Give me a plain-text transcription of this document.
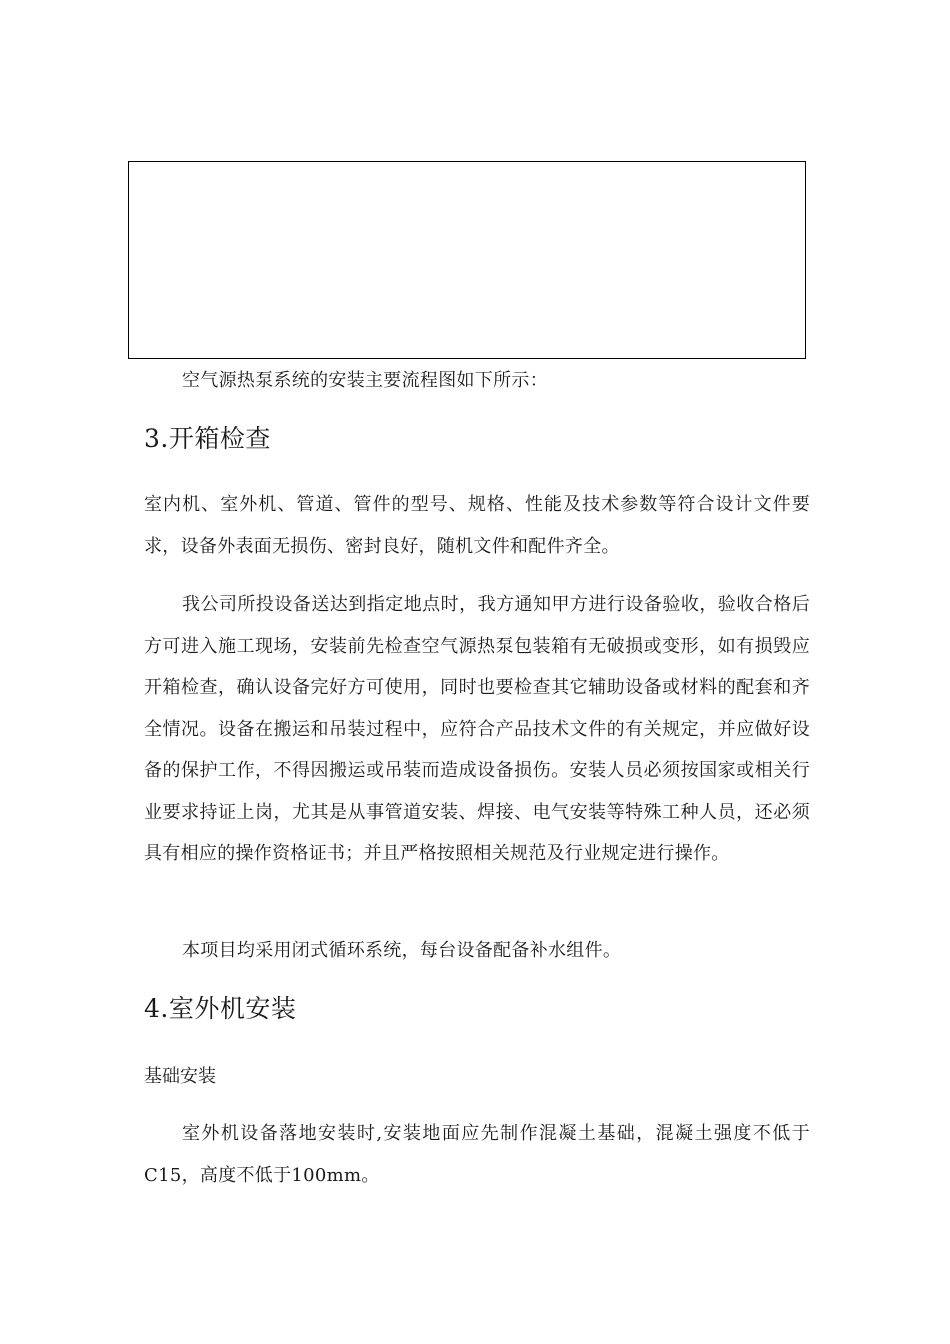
空气源热泵系统的安装主要流程图如下所示：

3.开箱检查

室内机、室外机、管道、管件的型号、规格、性能及技术参数等符合设计文件要求，设备外表面无损伤、密封良好，随机文件和配件齐全。

我公司所投设备送达到指定地点时，我方通知甲方进行设备验收，验收合格后方可进入施工现场，安装前先检查空气源热泵包装箱有无破损或变形，如有损毁应开箱检查，确认设备完好方可使用，同时也要检查其它辅助设备或材料的配套和齐全情况。设备在搬运和吊装过程中，应符合产品技术文件的有关规定，并应做好设备的保护工作，不得因搬运或吊装而造成设备损伤。安装人员必须按国家或相关行业要求持证上岗，尤其是从事管道安装、焊接、电气安装等特殊工种人员，还必须具有相应的操作资格证书；并且严格按照相关规范及行业规定进行操作。

本项目均采用闭式循环系统，每台设备配备补水组件。

4.室外机安装

基础安装

室外机设备落地安装时,安装地面应先制作混凝土基础，混凝土强度不低于C15，高度不低于100mm。
